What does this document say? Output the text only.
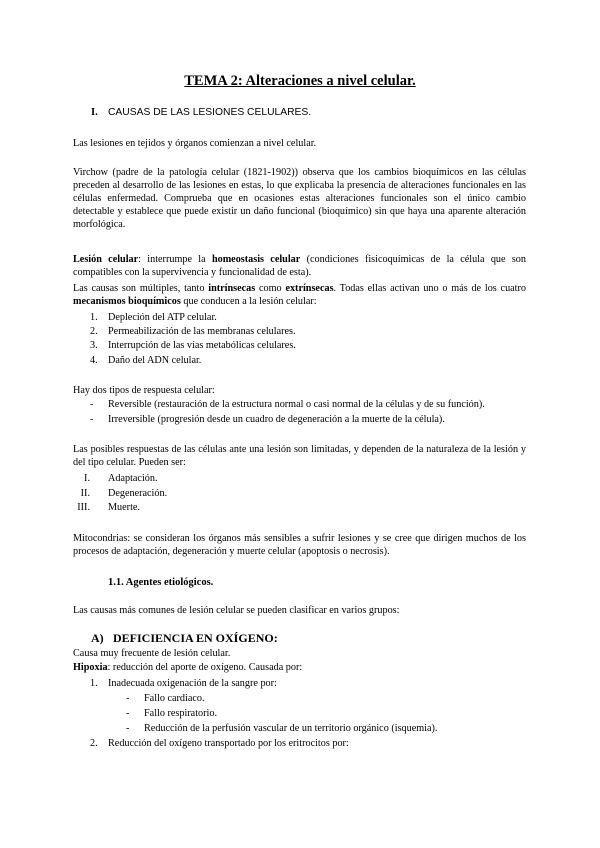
TEMA 2: Alteraciones a nivel celular.
I. CAUSAS DE LAS LESIONES CELULARES.
Las lesiones en tejidos y órganos comienzan a nivel celular.
Virchow (padre de la patología celular (1821-1902)) observa que los cambios bioquímicos en las células preceden al desarrollo de las lesiones en estas, lo que explicaba la presencia de alteraciones funcionales en las células enfermedad. Comprueba que en ocasiones estas alteraciones funcionales son el único cambio detectable y establece que puede existir un daño funcional (bioquímico) sin que haya una aparente alteración morfológica.
Lesión celular: interrumpe la homeostasis celular (condiciones fisicoquímicas de la célula que son compatibles con la supervivencia y funcionalidad de esta).
Las causas son múltiples, tanto intrínsecas como extrínsecas. Todas ellas activan uno o más de los cuatro mecanismos bioquímicos que conducen a la lesión celular:
1. Depleción del ATP celular.
2. Permeabilización de las membranas celulares.
3. Interrupción de las vías metabólicas celulares.
4. Daño del ADN celular.
Hay dos tipos de respuesta celular:
- Reversible (restauración de la estructura normal o casi normal de la células y de su función).
- Irreversible (progresión desde un cuadro de degeneración a la muerte de la célula).
Las posibles respuestas de las células ante una lesión son limitadas, y dependen de la naturaleza de la lesión y del tipo celular. Pueden ser:
I. Adaptación.
II. Degeneración.
III. Muerte.
Mitocondrias: se consideran los órganos más sensibles a sufrir lesiones y se cree que dirigen muchos de los procesos de adaptación, degeneración y muerte celular (apoptosis o necrosis).
1.1. Agentes etiológicos.
Las causas más comunes de lesión celular se pueden clasificar en varios grupos:
A) DEFICIENCIA EN OXÍGENO:
Causa muy frecuente de lesión celular.
Hipoxia: reducción del aporte de oxígeno. Causada por:
1. Inadecuada oxigenación de la sangre por:
- Fallo cardiaco.
- Fallo respiratorio.
- Reducción de la perfusión vascular de un territorio orgánico (isquemia).
2. Reducción del oxígeno transportado por los eritrocitos por:
